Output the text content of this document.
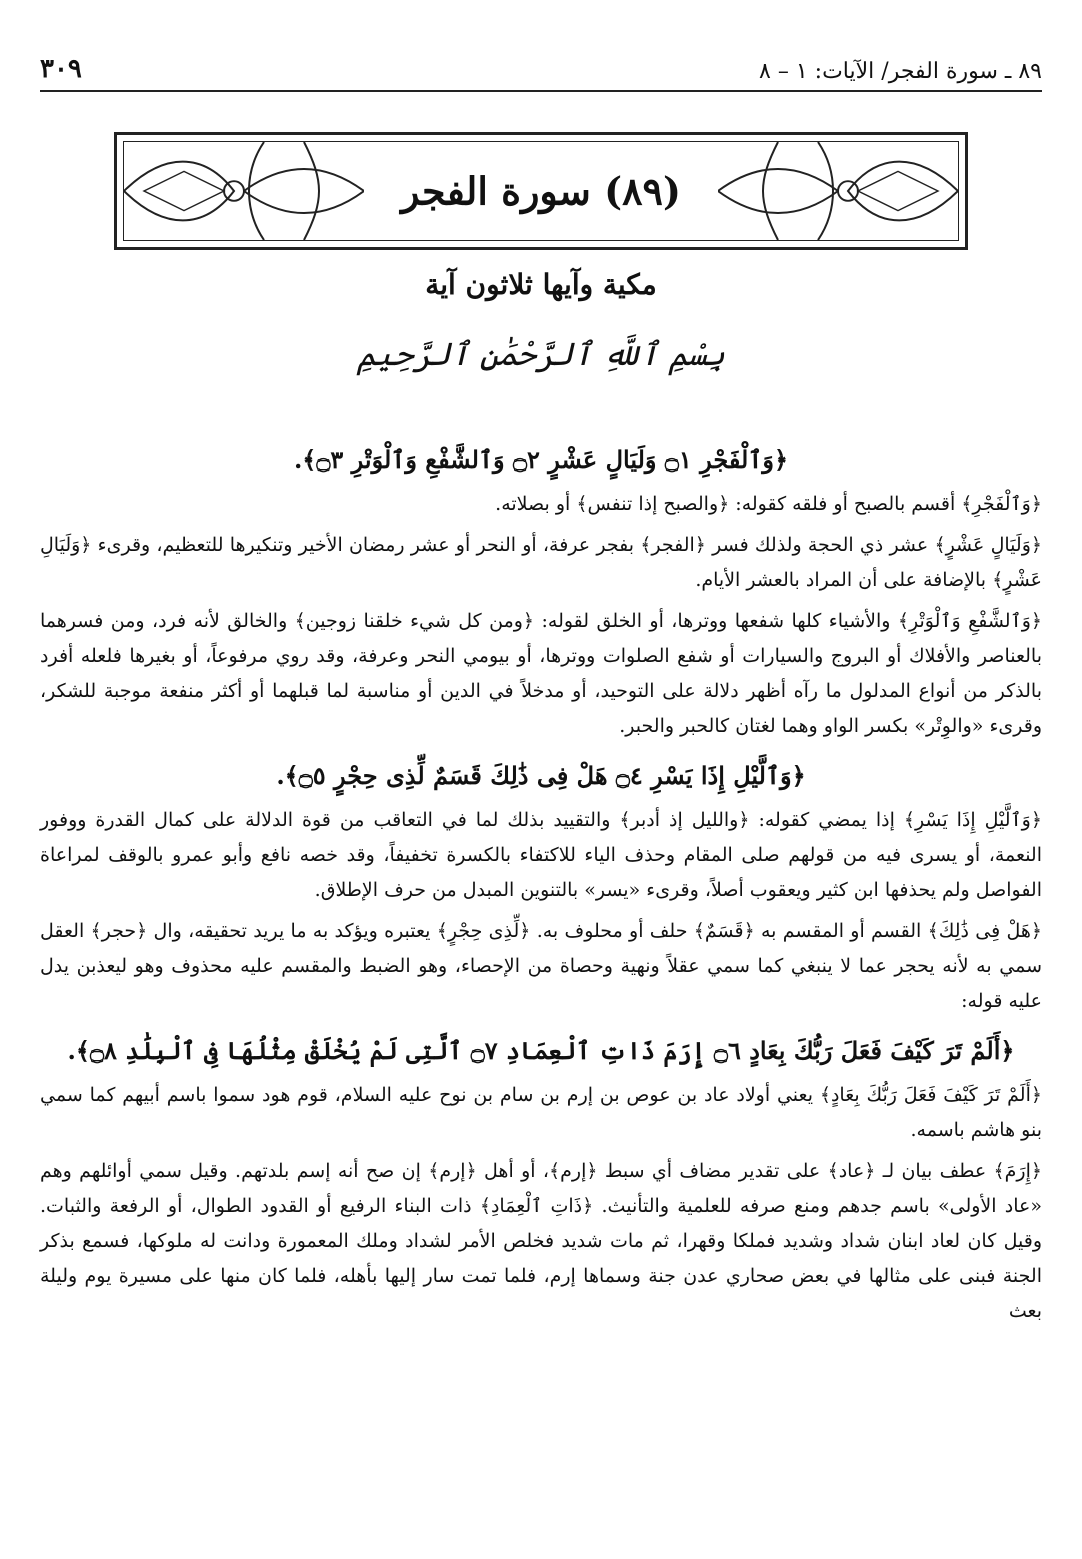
٨٩ ـ سورة الفجر/ الآيات: ١ – ٨
٣٠٩
(٨٩) سورة الفجر
مكية وآيها ثلاثون آية
بِسْمِ ٱللَّهِ ٱلرَّحْمَٰنِ ٱلرَّحِيمِ

﴿وَٱلْفَجْرِ ۝١ وَلَيَالٍ عَشْرٍ ۝٢ وَٱلشَّفْعِ وَٱلْوَتْرِ ۝٣﴾.

﴿وَٱلْفَجْرِ﴾ أقسم بالصبح أو فلقه كقوله: ﴿والصبح إذا تنفس﴾ أو بصلاته.

﴿وَلَيَالٍ عَشْرٍ﴾ عشر ذي الحجة ولذلك فسر ﴿الفجر﴾ بفجر عرفة، أو النحر أو عشر رمضان الأخير وتنكيرها للتعظيم، وقرىء ﴿وَلَيَالِ عَشْرٍ﴾ بالإضافة على أن المراد بالعشر الأيام.

﴿وَٱلشَّفْعِ وَٱلْوَتْرِ﴾ والأشياء كلها شفعها ووترها، أو الخلق لقوله: ﴿ومن كل شيء خلقنا زوجين﴾ والخالق لأنه فرد، ومن فسرهما بالعناصر والأفلاك أو البروج والسيارات أو شفع الصلوات ووترها، أو بيومي النحر وعرفة، وقد روي مرفوعاً، أو بغيرها فلعله أفرد بالذكر من أنواع المدلول ما رآه أظهر دلالة على التوحيد، أو مدخلاً في الدين أو مناسبة لما قبلهما أو أكثر منفعة موجبة للشكر، وقرىء «والوِتْر» بكسر الواو وهما لغتان كالحبر والحبر.

﴿وَٱلَّيْلِ إِذَا يَسْرِ ۝٤ هَلْ فِى ذَٰلِكَ قَسَمٌ لِّذِى حِجْرٍ ۝٥﴾.

﴿وَٱلَّيْلِ إِذَا يَسْرِ﴾ إذا يمضي كقوله: ﴿والليل إذ أدبر﴾ والتقييد بذلك لما في التعاقب من قوة الدلالة على كمال القدرة ووفور النعمة، أو يسرى فيه من قولهم صلى المقام وحذف الياء للاكتفاء بالكسرة تخفيفاً، وقد خصه نافع وأبو عمرو بالوقف لمراعاة الفواصل ولم يحذفها ابن كثير ويعقوب أصلاً، وقرىء «يسر» بالتنوين المبدل من حرف الإطلاق.

﴿هَلْ فِى ذَٰلِكَ﴾ القسم أو المقسم به ﴿قَسَمٌ﴾ حلف أو محلوف به. ﴿لِّذِى حِجْرٍ﴾ يعتبره ويؤكد به ما يريد تحقيقه، وال ﴿حجر﴾ العقل سمي به لأنه يحجر عما لا ينبغي كما سمي عقلاً ونهية وحصاة من الإحصاء، وهو الضبط والمقسم عليه محذوف وهو ليعذبن يدل عليه قوله:

﴿أَلَمْ تَرَ كَيْفَ فَعَلَ رَبُّكَ بِعَادٍ ۝٦ إِرَمَ ذَاتِ ٱلْعِمَادِ ۝٧ ٱلَّتِى لَمْ يُخْلَقْ مِثْلُهَا فِى ٱلْبِلَٰدِ ۝٨﴾.

﴿أَلَمْ تَرَ كَيْفَ فَعَلَ رَبُّكَ بِعَادٍ﴾ يعني أولاد عاد بن عوص بن إرم بن سام بن نوح عليه السلام، قوم هود سموا باسم أبيهم كما سمي بنو هاشم باسمه.

﴿إِرَمَ﴾ عطف بيان لـ ﴿عاد﴾ على تقدير مضاف أي سبط ﴿إرم﴾، أو أهل ﴿إرم﴾ إن صح أنه إسم بلدتهم. وقيل سمي أوائلهم وهم «عاد الأولى» باسم جدهم ومنع صرفه للعلمية والتأنيث. ﴿ذَاتِ ٱلْعِمَادِ﴾ ذات البناء الرفيع أو القدود الطوال، أو الرفعة والثبات. وقيل كان لعاد ابنان شداد وشديد فملكا وقهرا، ثم مات شديد فخلص الأمر لشداد وملك المعمورة ودانت له ملوكها، فسمع بذكر الجنة فبنى على مثالها في بعض صحاري عدن جنة وسماها إرم، فلما تمت سار إليها بأهله، فلما كان منها على مسيرة يوم وليلة بعث
